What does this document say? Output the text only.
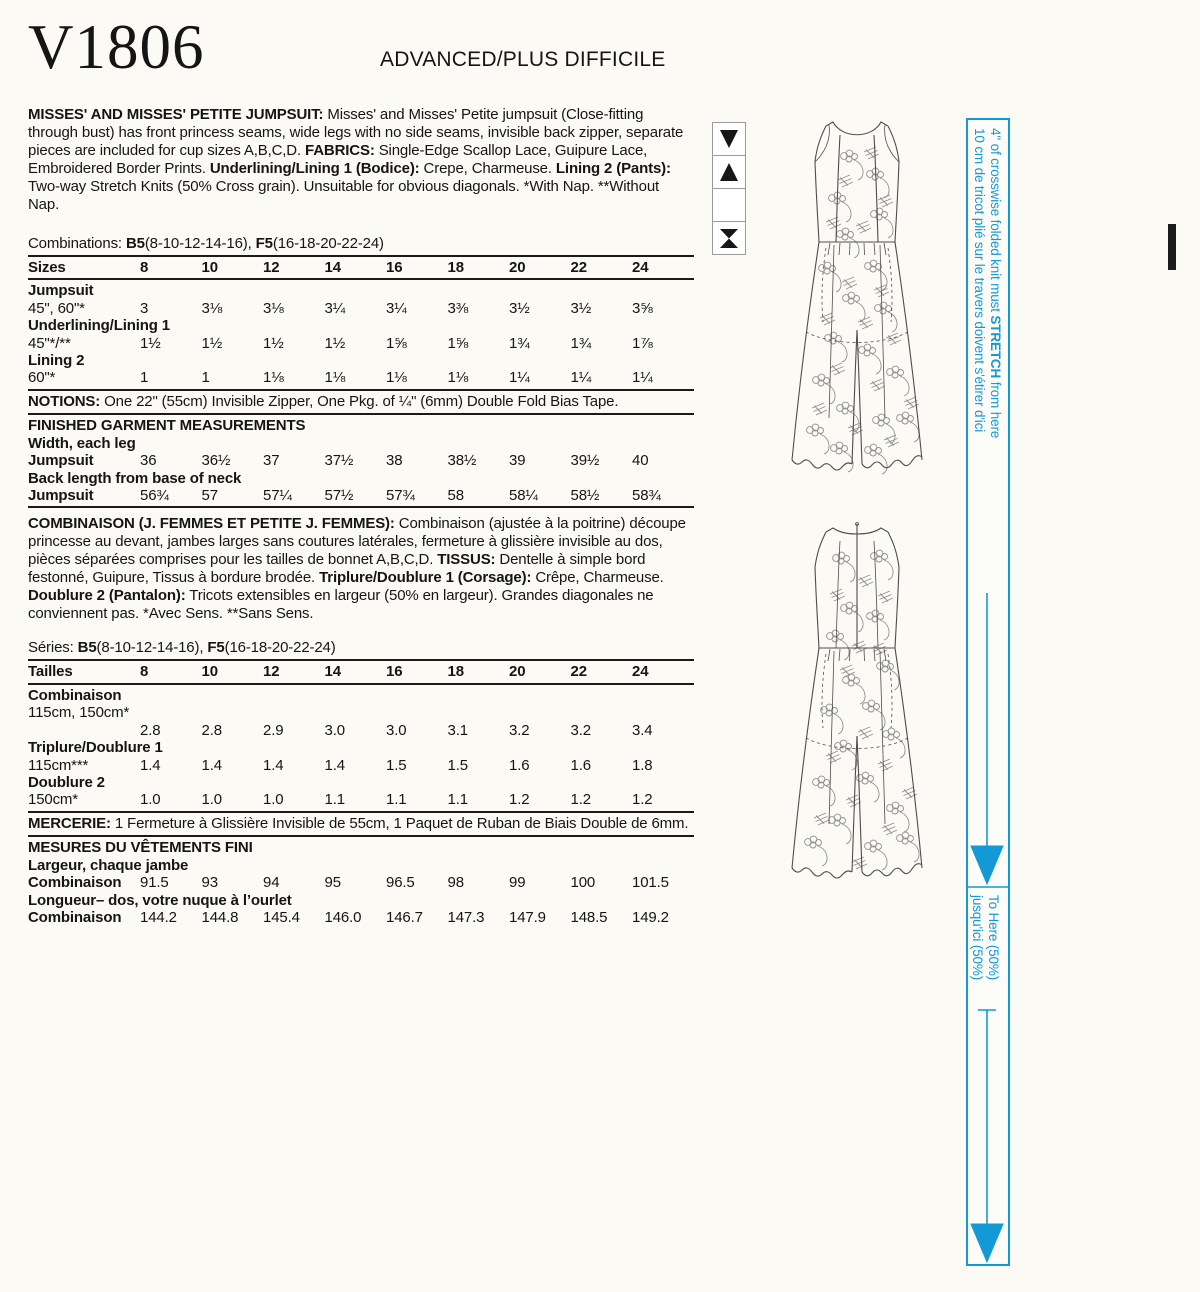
V1806	ADVANCED/PLUS DIFFICILE

MISSES' AND MISSES' PETITE JUMPSUIT: Misses' and Misses' Petite jumpsuit (Close-fitting through bust) has front princess seams, wide legs with no side seams, invisible back zipper, separate pieces are included for cup sizes A,B,C,D. FABRICS: Single-Edge Scallop Lace, Guipure Lace, Embroidered Border Prints. Underlining/​Lining 1 (Bodice): Crepe, Charmeuse. Lining 2 (Pants): Two-way Stretch Knits (50% Cross grain). Unsuitable for obvious diagonals. *With Nap. **Without Nap.

Combinations: B5(8-10-12-14-16), F5(16-18-20-22-24)

Sizes	8	10	12	14	16	18	20	22	24
Jumpsuit
45", 60"*	3	3⅛	3⅛	3¼	3¼	3⅜	3½	3½	3⅝
Underlining/Lining 1
45"*/**	1½	1½	1½	1½	1⅝	1⅝	1¾	1¾	1⅞
Lining 2
60"*	1	1	1⅛	1⅛	1⅛	1⅛	1¼	1¼	1¼

NOTIONS: One 22" (55cm) Invisible Zipper, One Pkg. of ¼" (6mm) Double Fold Bias Tape.

FINISHED GARMENT MEASUREMENTS

Width, each leg
Jumpsuit	36	36½	37	37½	38	38½	39	39½	40
Back length from base of neck
Jumpsuit	56¾	57	57¼	57½	57¾	58	58¼	58½	58¾

COMBINAISON (J. FEMMES ET PETITE J. FEMMES): Combinaison (ajustée à la poitrine) découpe princesse au devant, jambes larges sans coutures latérales, fermeture à glissière invisible au dos, pièces séparées comprises pour les tailles de bonnet A,B,C,D. TISSUS: Dentelle à simple bord festonné, Guipure, Tissus à bordure brodée. Triplure/Doublure 1 (Corsage): Crêpe, Charmeuse. Doublure 2 (Pantalon): Tricots extensibles en largeur (50% en largeur). Grandes diagonales ne conviennent pas. *Avec Sens. **Sans Sens.

Séries: B5(8-10-12-14-16), F5(16-18-20-22-24)

Tailles	8	10	12	14	16	18	20	22	24
Combinaison
115cm, 150cm*
2.8	2.8	2.9	3.0	3.0	3.1	3.2	3.2	3.4
Triplure/Doublure 1
115cm***	1.4	1.4	1.4	1.4	1.5	1.5	1.6	1.6	1.8
Doublure 2
150cm*	1.0	1.0	1.0	1.1	1.1	1.1	1.2	1.2	1.2

MERCERIE: 1 Fermeture à Glissière Invisible de 55cm, 1 Paquet de Ruban de Biais Double de 6mm.

MESURES DU VÊTEMENTS FINI

Largeur, chaque jambe
Combinaison	91.5	93	94	95	96.5	98	99	100	101.5
Longueur– dos, votre nuque à l’ourlet
Combinaison	144.2	144.8	145.4	146.0	146.7	147.3	147.9	148.5	149.2
4" of crosswise folded knit must STRETCH from here
10 cm de tricot plié sur le travers doivent s'étirer d'ici
To Here (50%)
jusqu'ici (50%)
